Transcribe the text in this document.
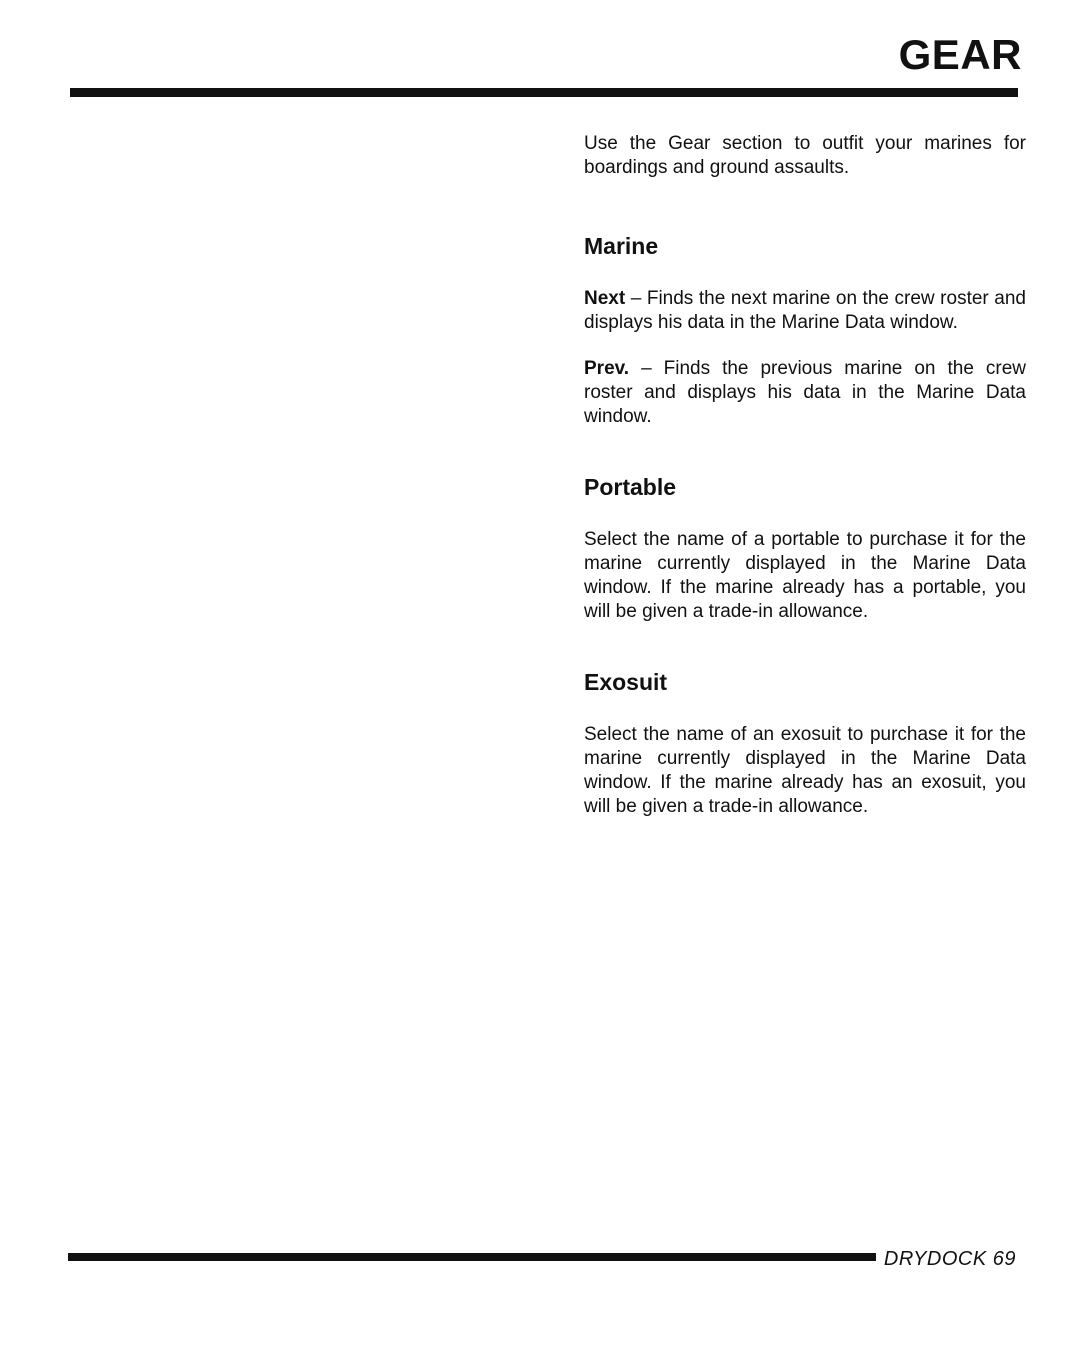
GEAR

Use the Gear section to outfit your marines for boardings and ground assaults.

Marine

Next – Finds the next marine on the crew roster and displays his data in the Marine Data window.

Prev. – Finds the previous marine on the crew roster and displays his data in the Marine Data window.

Portable

Select the name of a portable to purchase it for the marine currently displayed in the Marine Data window. If the marine already has a portable, you will be given a trade-in allowance.

Exosuit

Select the name of an exosuit to purchase it for the marine currently displayed in the Marine Data window. If the marine already has an exosuit, you will be given a trade-in allowance.

DRYDOCK 69
